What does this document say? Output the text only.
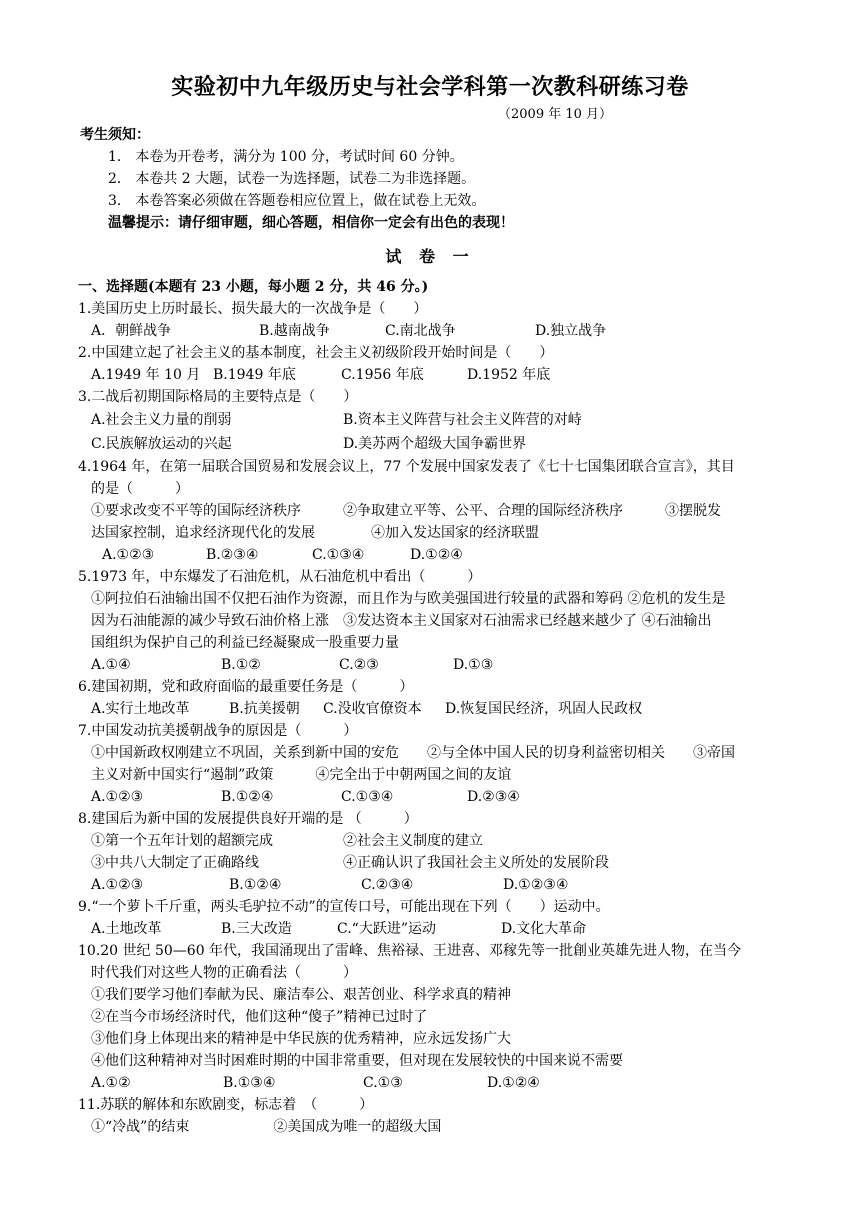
实验初中九年级历史与社会学科第一次教科研练习卷
（2009 年 10 月）
考生须知：
1． 本卷为开卷考，满分为 100 分，考试时间 60 分钟。
2． 本卷共 2 大题，试卷一为选择题，试卷二为非选择题。
3． 本卷答案必须做在答题卷相应位置上，做在试卷上无效。
温馨提示：请仔细审题，细心答题，相信你一定会有出色的表现！
试 卷 一
一、选择题(本题有 23 小题，每小题 2 分，共 46 分。)
1.美国历史上历时最长、损失最大的一次战争是（　　）
A．朝鲜战争	B.越南战争	C.南北战争	D.独立战争
2.中国建立起了社会主义的基本制度，社会主义初级阶段开始时间是（　　）
A.1949 年 10 月 B.1949 年底	C.1956 年底	D.1952 年底
3.二战后初期国际格局的主要特点是（　　）
A.社会主义力量的削弱	B.资本主义阵营与社会主义阵营的对峙
C.民族解放运动的兴起	D.美苏两个超级大国争霸世界
4.1964 年，在第一届联合国贸易和发展会议上，77 个发展中国家发表了《七十七国集团联合宣言》，其目
的是（　　　）
①要求改变不平等的国际经济秩序　　　②争取建立平等、公平、合理的国际经济秩序　　　③摆脱发
达国家控制，追求经济现代化的发展　　　　④加入发达国家的经济联盟
A.①②③	B.②③④	C.①③④	D.①②④
5.1973 年，中东爆发了石油危机，从石油危机中看出（　　　）
①阿拉伯石油输出国不仅把石油作为资源，而且作为与欧美强国进行较量的武器和筹码 ②危机的发生是
因为石油能源的减少导致石油价格上涨　③发达资本主义国家对石油需求已经越来越少了 ④石油输出
国组织为保护自己的利益已经凝聚成一股重要力量
A.①④	B.①②	C.②③	D.①③
6.建国初期，党和政府面临的最重要任务是（　　　）
A.实行土地改革	B.抗美援朝	C.没收官僚资本	D.恢复国民经济，巩固人民政权
7.中国发动抗美援朝战争的原因是（　　　）
①中国新政权刚建立不巩固，关系到新中国的安危　　②与全体中国人民的切身利益密切相关　　③帝国
主义对新中国实行“遏制”政策　　　④完全出于中朝两国之间的友谊
A.①②③	B.①②④	C.①③④	D.②③④
8.建国后为新中国的发展提供良好开端的是 （　　　）
①第一个五年计划的超额完成　　　　　②社会主义制度的建立
③中共八大制定了正确路线　　　　　　④正确认识了我国社会主义所处的发展阶段
A.①②③	B.①②④	C.②③④	D.①②③④
9.“一个萝卜千斤重，两头毛驴拉不动”的宣传口号，可能出现在下列（　　）运动中。
A.土地改革	B.三大改造	C.“大跃进”运动	D.文化大革命
10.20 世纪 50—60 年代，我国涌现出了雷峰、焦裕禄、王进喜、邓稼先等一批創业英雄先进人物，在当今
时代我们对这些人物的正确看法（　　　）
①我们要学习他们奉献为民、廉洁奉公、艰苦创业、科学求真的精神
②在当今市场经济时代，他们这种“傻子”精神已过时了
③他们身上体现出来的精神是中华民族的优秀精神，应永远发扬广大
④他们这种精神对当时困难时期的中国非常重要，但对现在发展较快的中国来说不需要
A.①②	B.①③④	C.①③	D.①②④
11.苏联的解体和东欧剧变，标志着　（　　　）
①“冷战”的结束　　　　　　②美国成为唯一的超级大国
